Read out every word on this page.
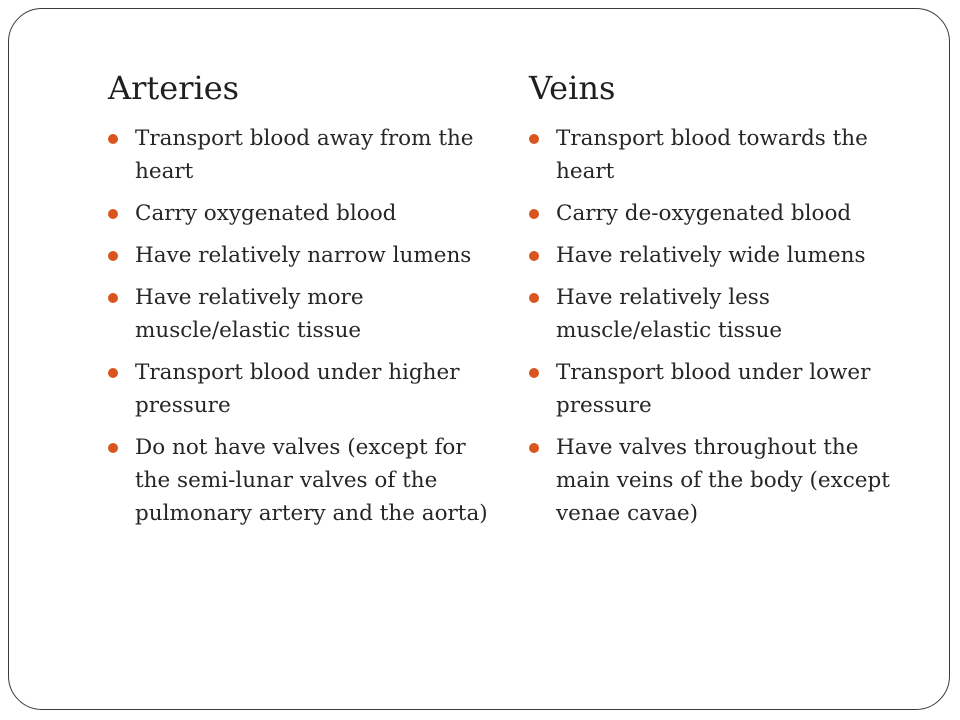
Arteries
Transport blood away from the heart
Carry oxygenated blood
Have relatively narrow lumens
Have relatively more muscle/elastic tissue
Transport blood under higher pressure
Do not have valves (except for the semi-lunar valves of the pulmonary artery and the aorta)
Veins
Transport blood towards the heart
Carry de-oxygenated blood
Have relatively wide lumens
Have relatively less muscle/elastic tissue
Transport blood under lower pressure
Have valves throughout the main veins of the body (except venae cavae)
